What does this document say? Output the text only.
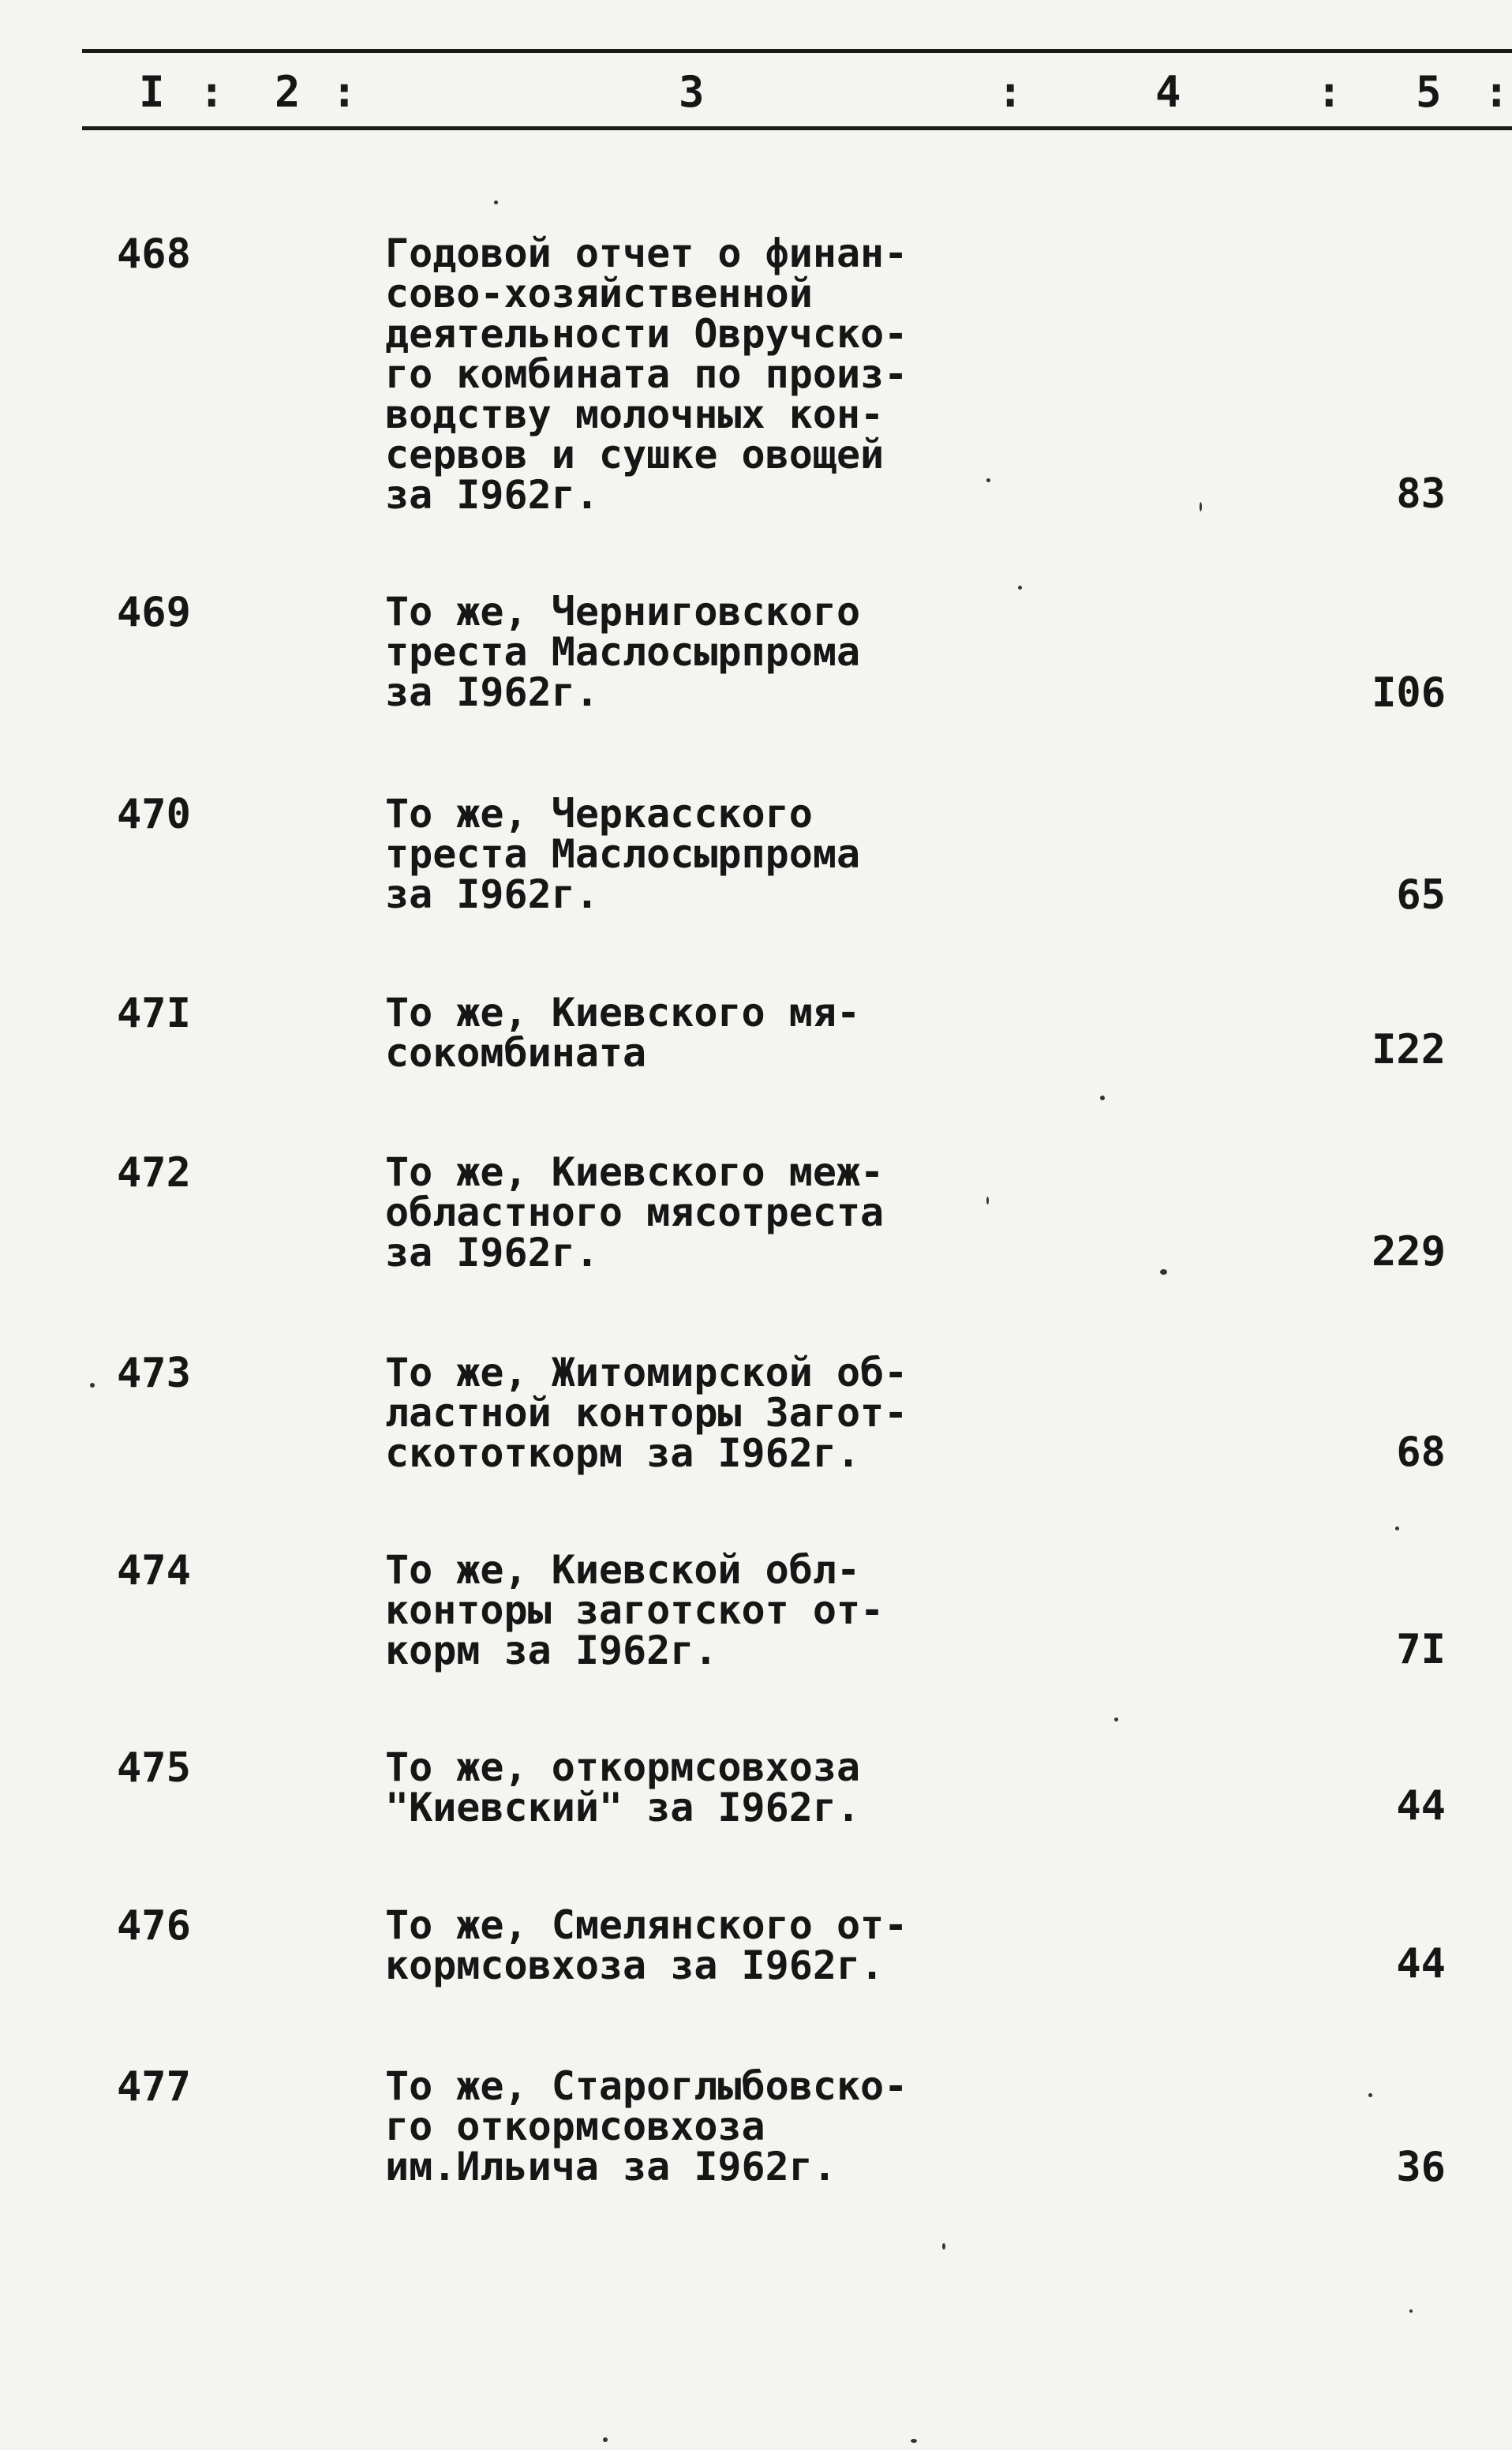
I : 2 :	3	:	4	: 5 :
468	Годовой отчет о финан-
сово-хозяйственной
деятельности Овручско-
го комбината по произ-
водству молочных кон-
сервов и сушке овощей
за I962г.	83
469	То же, Черниговского
треста Маслосырпрома
за I962г.	I06
470	То же, Черкасского
треста Маслосырпрома
за I962г.	65
47I	То же, Киевского мя-
сокомбината	I22
472	То же, Киевского меж-
областного мясотреста
за I962г.	229
473	То же, Житомирской об-
ластной конторы Загот-
скототкорм за I962г.	68
474	То же, Киевской обл-
конторы заготскот от-
корм за I962г.	7I
475	То же, откормсовхоза
"Киевский" за I962г.	44
476	То же, Смелянского от-
кормсовхоза за I962г.	44
477	То же, Староглыбовско-
го откормсовхоза
им.Ильича за I962г.	36
